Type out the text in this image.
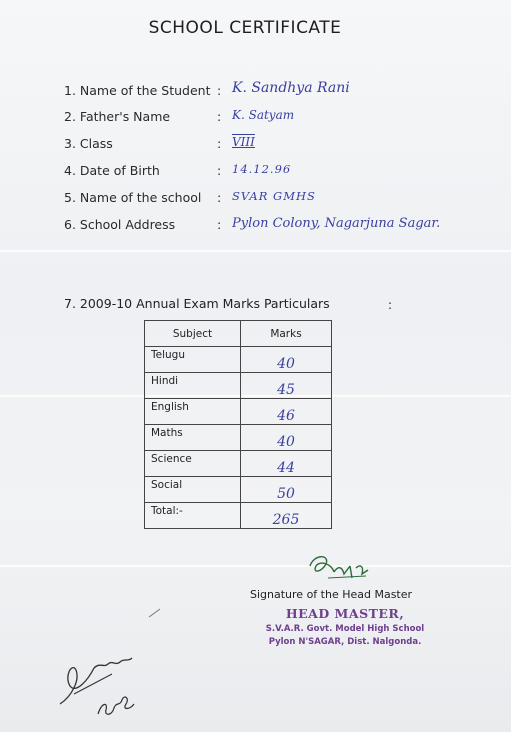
SCHOOL CERTIFICATE
1. Name of the Student : K. Sandhya Rani
2. Father's Name	: K. Satyam
3. Class	: VIII
4. Date of Birth	: 14.12.96
5. Name of the school : SVAR GMHS
6. School Address	: Pylon Colony, Nagarjuna Sagar.
7. 2009-10 Annual Exam Marks Particulars	:
Subject	Marks
Telugu	40
Hindi	45
English	46
Maths	40
Science	44
Social	50
Total:-	265
Signature of the Head Master
HEAD MASTER,
S.V.A.R. Govt. Model High School
Pylon N'SAGAR, Dist. Nalgonda.
